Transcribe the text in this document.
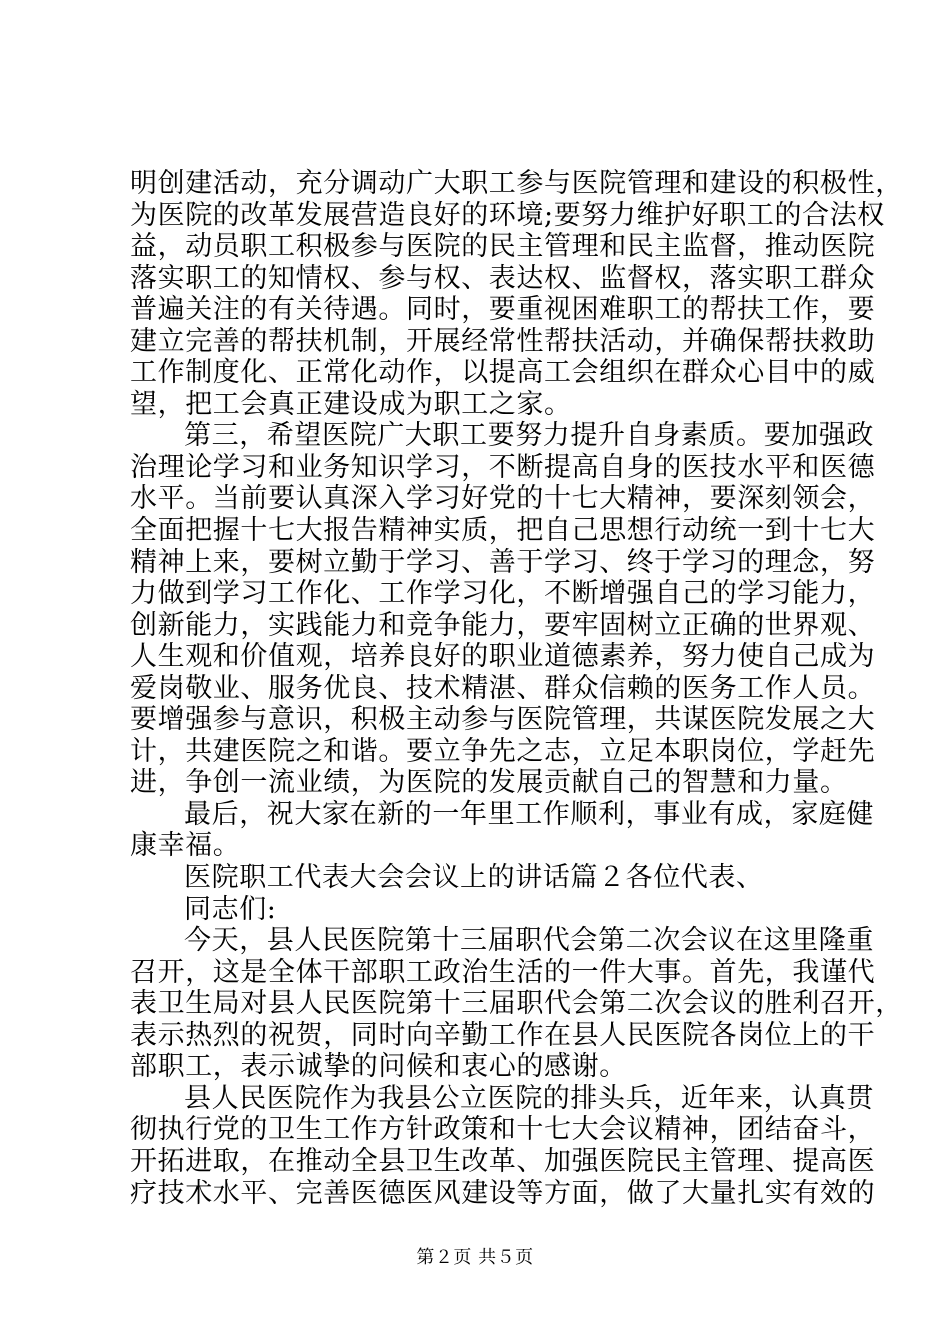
明创建活动，充分调动广大职工参与医院管理和建设的积极性，
为医院的改革发展营造良好的环境;要努力维护好职工的合法权
益，动员职工积极参与医院的民主管理和民主监督，推动医院
落实职工的知情权、参与权、表达权、监督权，落实职工群众
普遍关注的有关待遇。同时，要重视困难职工的帮扶工作，要
建立完善的帮扶机制，开展经常性帮扶活动，并确保帮扶救助
工作制度化、正常化动作，以提高工会组织在群众心目中的威
望，把工会真正建设成为职工之家。
第三，希望医院广大职工要努力提升自身素质。要加强政
治理论学习和业务知识学习，不断提高自身的医技水平和医德
水平。当前要认真深入学习好党的十七大精神，要深刻领会，
全面把握十七大报告精神实质，把自己思想行动统一到十七大
精神上来，要树立勤于学习、善于学习、终于学习的理念，努
力做到学习工作化、工作学习化，不断增强自己的学习能力，
创新能力，实践能力和竞争能力，要牢固树立正确的世界观、
人生观和价值观，培养良好的职业道德素养，努力使自己成为
爱岗敬业、服务优良、技术精湛、群众信赖的医务工作人员。
要增强参与意识，积极主动参与医院管理，共谋医院发展之大
计，共建医院之和谐。要立争先之志，立足本职岗位，学赶先
进，争创一流业绩，为医院的发展贡献自己的智慧和力量。
最后，祝大家在新的一年里工作顺利，事业有成，家庭健
康幸福。
医院职工代表大会会议上的讲话篇２各位代表、
同志们:
今天，县人民医院第十三届职代会第二次会议在这里隆重
召开，这是全体干部职工政治生活的一件大事。首先，我谨代
表卫生局对县人民医院第十三届职代会第二次会议的胜利召开，
表示热烈的祝贺，同时向辛勤工作在县人民医院各岗位上的干
部职工，表示诚挚的问候和衷心的感谢。
县人民医院作为我县公立医院的排头兵，近年来，认真贯
彻执行党的卫生工作方针政策和十七大会议精神，团结奋斗，
开拓进取，在推动全县卫生改革、加强医院民主管理、提高医
疗技术水平、完善医德医风建设等方面，做了大量扎实有效的
第２页 共５页
